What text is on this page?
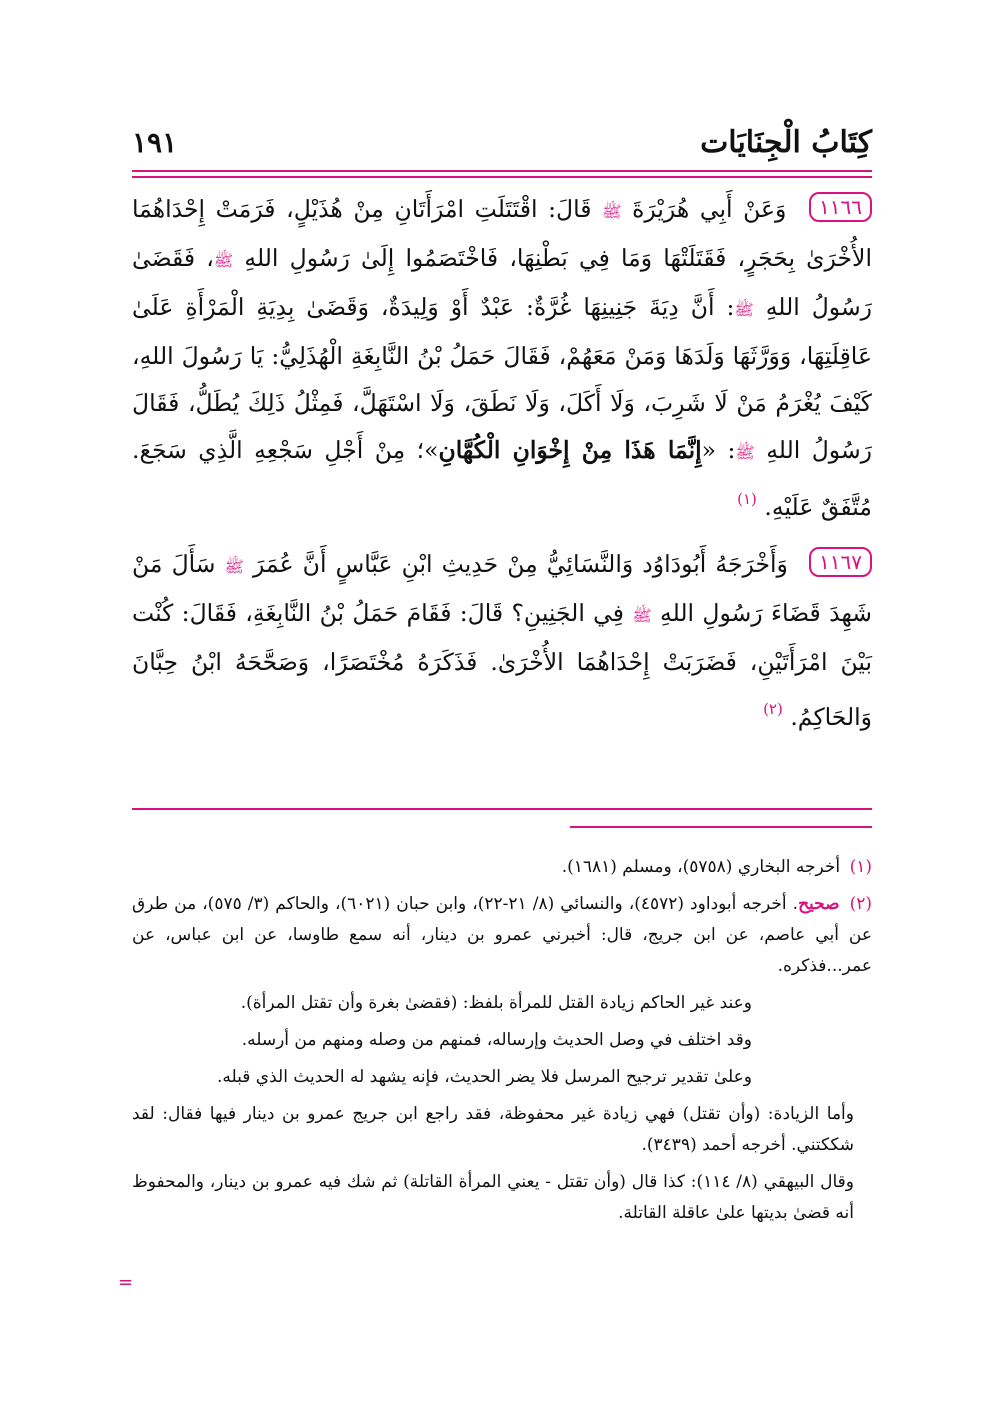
كِتَابُ الْجِنَايَات
١٩١

١١٦٦ وَعَنْ أَبِي هُرَيْرَةَ ﷺ قَالَ: اقْتَتَلَتِ امْرَأَتَانِ مِنْ هُذَيْلٍ، فَرَمَتْ إِحْدَاهُمَا الأُخْرَىٰ بِحَجَرٍ، فَقَتَلَتْهَا وَمَا فِي بَطْنِهَا، فَاخْتَصَمُوا إِلَىٰ رَسُولِ اللهِ ﷺ، فَقَضَىٰ رَسُولُ اللهِ ﷺ: أَنَّ دِيَةَ جَنِينِهَا غُرَّةٌ: عَبْدٌ أَوْ وَلِيدَةٌ، وَقَضَىٰ بِدِيَةِ الْمَرْأَةِ عَلَىٰ عَاقِلَتِهَا، وَوَرَّثَهَا وَلَدَهَا وَمَنْ مَعَهُمْ، فَقَالَ حَمَلُ بْنُ النَّابِغَةِ الْهُذَلِيُّ: يَا رَسُولَ اللهِ، كَيْفَ يُغْرَمُ مَنْ لَا شَرِبَ، وَلَا أَكَلَ، وَلَا نَطَقَ، وَلَا اسْتَهَلَّ، فَمِثْلُ ذَلِكَ يُطَلُّ، فَقَالَ رَسُولُ اللهِ ﷺ: «إِنَّمَا هَذَا مِنْ إِخْوَانِ الْكُهَّانِ»؛ مِنْ أَجْلِ سَجْعِهِ الَّذِي سَجَعَ. مُتَّفَقٌ عَلَيْهِ. $^{(١)}$

١١٦٧ وَأَخْرَجَهُ أَبُودَاوُد وَالنَّسَائِيُّ مِنْ حَدِيثِ ابْنِ عَبَّاسٍ أَنَّ عُمَرَ ﷺ سَأَلَ مَنْ شَهِدَ قَضَاءَ رَسُولِ اللهِ ﷺ فِي الجَنِينِ؟ قَالَ: فَقَامَ حَمَلُ بْنُ النَّابِغَةِ، فَقَالَ: كُنْت بَيْنَ امْرَأَتَيْنِ، فَضَرَبَتْ إِحْدَاهُمَا الأُخْرَىٰ. فَذَكَرَهُ مُخْتَصَرًا، وَصَحَّحَهُ ابْنُ حِبَّانَ وَالحَاكِمُ. $^{(٢)}$

(١) أخرجه البخاري (٥٧٥٨)، ومسلم (١٦٨١).

(٢) صحيح. أخرجه أبوداود (٤٥٧٢)، والنسائي (٨/ ٢١-٢٢)، وابن حبان (٦٠٢١)، والحاكم (٣/ ٥٧٥)، من طرق عن أبي عاصم، عن ابن جريج، قال: أخبرني عمرو بن دينار، أنه سمع طاوسا، عن ابن عباس، عن عمر...فذكره.

وعند غير الحاكم زيادة القتل للمرأة بلفظ: (فقضىٰ بغرة وأن تقتل المرأة).

وقد اختلف في وصل الحديث وإرساله، فمنهم من وصله ومنهم من أرسله.

وعلىٰ تقدير ترجيح المرسل فلا يضر الحديث، فإنه يشهد له الحديث الذي قبله.

وأما الزيادة: (وأن تقتل) فهي زيادة غير محفوظة، فقد راجع ابن جريج عمرو بن دينار فيها فقال: لقد شككتني. أخرجه أحمد (٣٤٣٩).

وقال البيهقي (٨/ ١١٤): كذا قال (وأن تقتل - يعني المرأة القاتلة) ثم شك فيه عمرو بن دينار، والمحفوظ أنه قضىٰ بديتها علىٰ عاقلة القاتلة.

=
